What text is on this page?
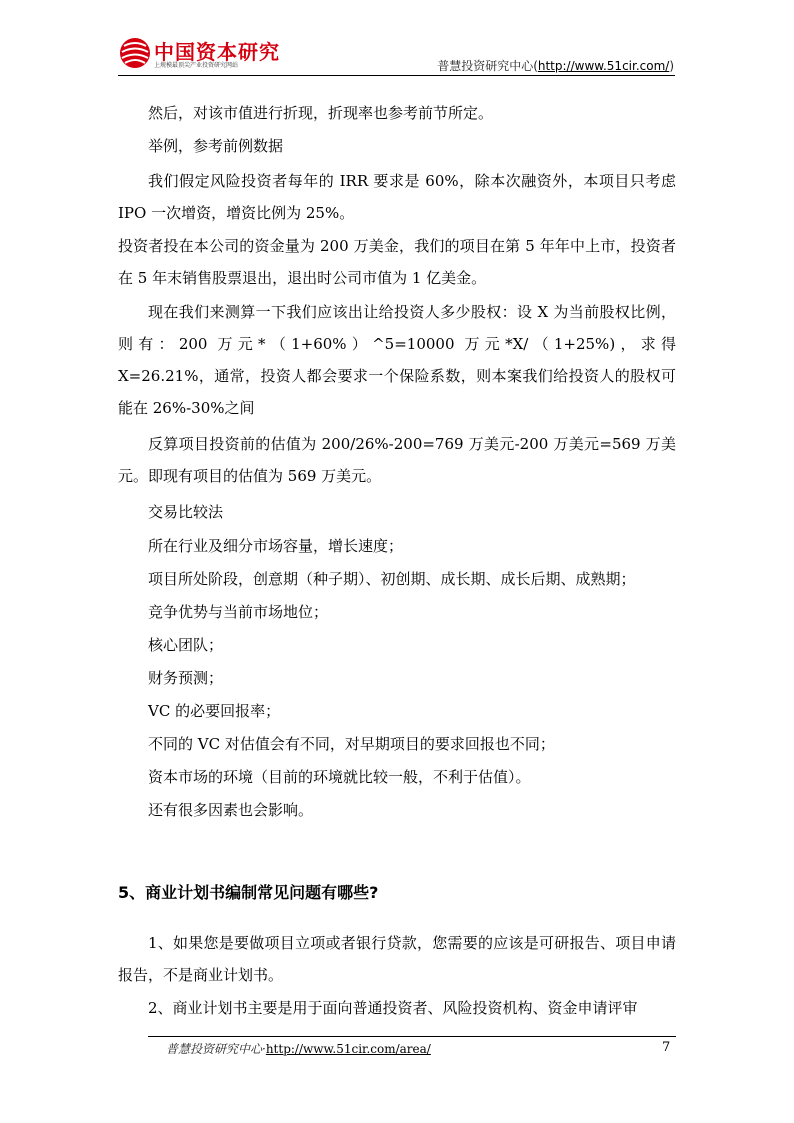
中国资本研究
上规模最顶尖产业投资研究网站	普慧投资研究中心(http://www.51cir.com/)
然后，对该市值进行折现，折现率也参考前节所定。
举例，参考前例数据
我们假定风险投资者每年的 IRR 要求是 60%，除本次融资外，本项目只考虑 IPO 一次增资，增资比例为 25%。
投资者投在本公司的资金量为 200 万美金，我们的项目在第 5 年年中上市，投资者在 5 年末销售股票退出，退出时公司市值为 1 亿美金。
现在我们来测算一下我们应该出让给投资人多少股权：设 X 为当前股权比例，则有：200 万元*（1+60%）^5=10000 万元*X/（1+25%)，求得 X=26.21%，通常，投资人都会要求一个保险系数，则本案我们给投资人的股权可能在 26%-30%之间
反算项目投资前的估值为 200/26%-200=769 万美元-200 万美元=569 万美元。即现有项目的估值为 569 万美元。
交易比较法
所在行业及细分市场容量，增长速度；
项目所处阶段，创意期（种子期）、初创期、成长期、成长后期、成熟期；
竞争优势与当前市场地位；
核心团队；
财务预测；
VC 的必要回报率；
不同的 VC 对估值会有不同，对早期项目的要求回报也不同；
资本市场的环境（目前的环境就比较一般，不利于估值）。
还有很多因素也会影响。
5、商业计划书编制常见问题有哪些?
1、如果您是要做项目立项或者银行贷款，您需要的应该是可研报告、项目申请报告，不是商业计划书。
2、商业计划书主要是用于面向普通投资者、风险投资机构、资金申请评审
普慧投资研究中心·http://www.51cir.com/area/	7
